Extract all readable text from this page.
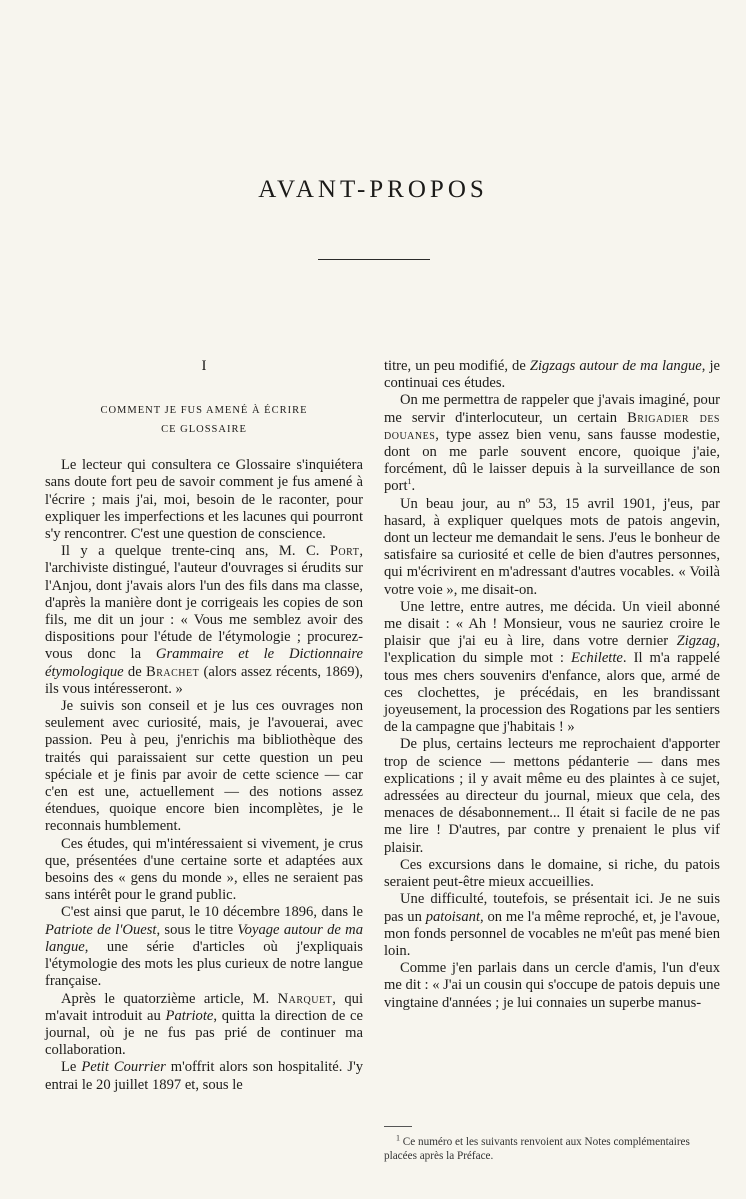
AVANT-PROPOS
I
COMMENT JE FUS AMENÉ À ÉCRIRE
CE GLOSSAIRE

Le lecteur qui consultera ce Glossaire s'inquiétera sans doute fort peu de savoir comment je fus amené à l'écrire ; mais j'ai, moi, besoin de le raconter, pour expliquer les imperfections et les lacunes qui pourront s'y rencontrer. C'est une question de conscience.

Il y a quelque trente-cinq ans, M. C. Port, l'archiviste distingué, l'auteur d'ouvrages si érudits sur l'Anjou, dont j'avais alors l'un des fils dans ma classe, d'après la manière dont je corrigeais les copies de son fils, me dit un jour : « Vous me semblez avoir des dispositions pour l'étude de l'étymologie ; procurez-vous donc la Grammaire et le Dictionnaire étymologique de Brachet (alors assez récents, 1869), ils vous intéresseront. »

Je suivis son conseil et je lus ces ouvrages non seulement avec curiosité, mais, je l'avouerai, avec passion. Peu à peu, j'enrichis ma bibliothèque des traités qui paraissaient sur cette question un peu spéciale et je finis par avoir de cette science — car c'en est une, actuellement — des notions assez étendues, quoique encore bien incomplètes, je le reconnais humblement.

Ces études, qui m'intéressaient si vivement, je crus que, présentées d'une certaine sorte et adaptées aux besoins des « gens du monde », elles ne seraient pas sans intérêt pour le grand public.

C'est ainsi que parut, le 10 décembre 1896, dans le Patriote de l'Ouest, sous le titre Voyage autour de ma langue, une série d'articles où j'expliquais l'étymologie des mots les plus curieux de notre langue française.

Après le quatorzième article, M. Narquet, qui m'avait introduit au Patriote, quitta la direction de ce journal, où je ne fus pas prié de continuer ma collaboration.

Le Petit Courrier m'offrit alors son hospitalité. J'y entrai le 20 juillet 1897 et, sous le

titre, un peu modifié, de Zigzags autour de ma langue, je continuai ces études.

On me permettra de rappeler que j'avais imaginé, pour me servir d'interlocuteur, un certain Brigadier des douanes, type assez bien venu, sans fausse modestie, dont on me parle souvent encore, quoique j'aie, forcément, dû le laisser depuis à la surveillance de son port$^1$.

Un beau jour, au nº 53, 15 avril 1901, j'eus, par hasard, à expliquer quelques mots de patois angevin, dont un lecteur me demandait le sens. J'eus le bonheur de satisfaire sa curiosité et celle de bien d'autres personnes, qui m'écrivirent en m'adressant d'autres vocables. « Voilà votre voie », me disait-on.

Une lettre, entre autres, me décida. Un vieil abonné me disait : « Ah ! Monsieur, vous ne sauriez croire le plaisir que j'ai eu à lire, dans votre dernier Zigzag, l'explication du simple mot : Echilette. Il m'a rappelé tous mes chers souvenirs d'enfance, alors que, armé de ces clochettes, je précédais, en les brandissant joyeusement, la procession des Rogations par les sentiers de la campagne que j'habitais ! »

De plus, certains lecteurs me reprochaient d'apporter trop de science — mettons pédanterie — dans mes explications ; il y avait même eu des plaintes à ce sujet, adressées au directeur du journal, mieux que cela, des menaces de désabonnement... Il était si facile de ne pas me lire ! D'autres, par contre y prenaient le plus vif plaisir.

Ces excursions dans le domaine, si riche, du patois seraient peut-être mieux accueillies.

Une difficulté, toutefois, se présentait ici. Je ne suis pas un patoisant, on me l'a même reproché, et, je l'avoue, mon fonds personnel de vocables ne m'eût pas mené bien loin.

Comme j'en parlais dans un cercle d'amis, l'un d'eux me dit : « J'ai un cousin qui s'occupe de patois depuis une vingtaine d'années ; je lui connaies un superbe manus-

$^1$ Ce numéro et les suivants renvoient aux Notes complémentaires placées après la Préface.
